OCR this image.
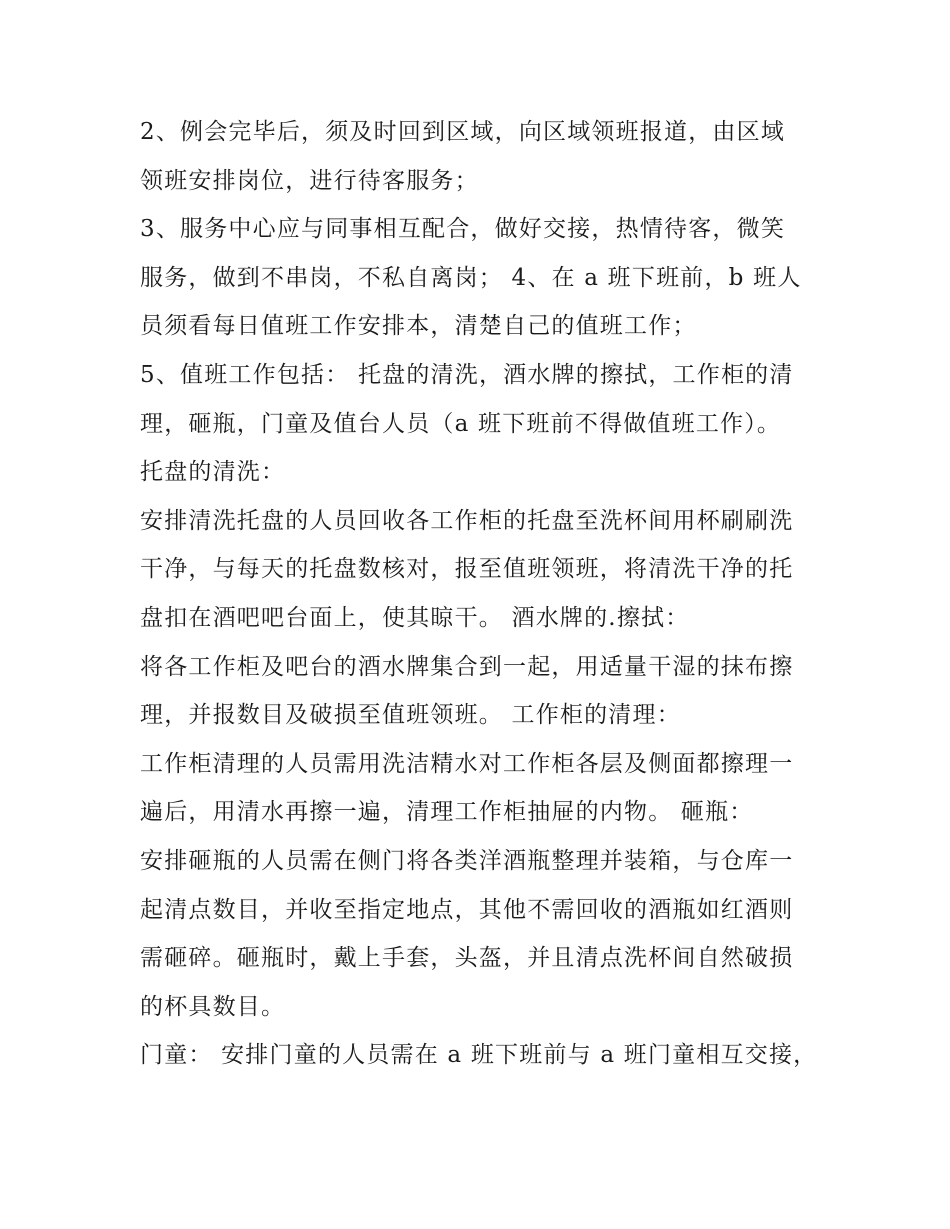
2、例会完毕后，须及时回到区域，向区域领班报道，由区域
领班安排岗位，进行待客服务；

3、服务中心应与同事相互配合，做好交接，热情待客，微笑
服务，做到不串岗，不私自离岗； 4、在 a 班下班前，b 班人
员须看每日值班工作安排本，清楚自己的值班工作；

5、值班工作包括： 托盘的清洗，酒水牌的擦拭，工作柜的清
理，砸瓶，门童及值台人员（a 班下班前不得做值班工作）。

托盘的清洗：

安排清洗托盘的人员回收各工作柜的托盘至洗杯间用杯刷刷洗
干净，与每天的托盘数核对，报至值班领班，将清洗干净的托
盘扣在酒吧吧台面上，使其晾干。 酒水牌的.擦拭：

将各工作柜及吧台的酒水牌集合到一起，用适量干湿的抹布擦
理，并报数目及破损至值班领班。 工作柜的清理：

工作柜清理的人员需用洗洁精水对工作柜各层及侧面都擦理一
遍后，用清水再擦一遍，清理工作柜抽屉的内物。 砸瓶：

安排砸瓶的人员需在侧门将各类洋酒瓶整理并装箱，与仓库一
起清点数目，并收至指定地点，其他不需回收的酒瓶如红酒则
需砸碎。砸瓶时，戴上手套，头盔，并且清点洗杯间自然破损
的杯具数目。

门童： 安排门童的人员需在 a 班下班前与 a 班门童相互交接，
